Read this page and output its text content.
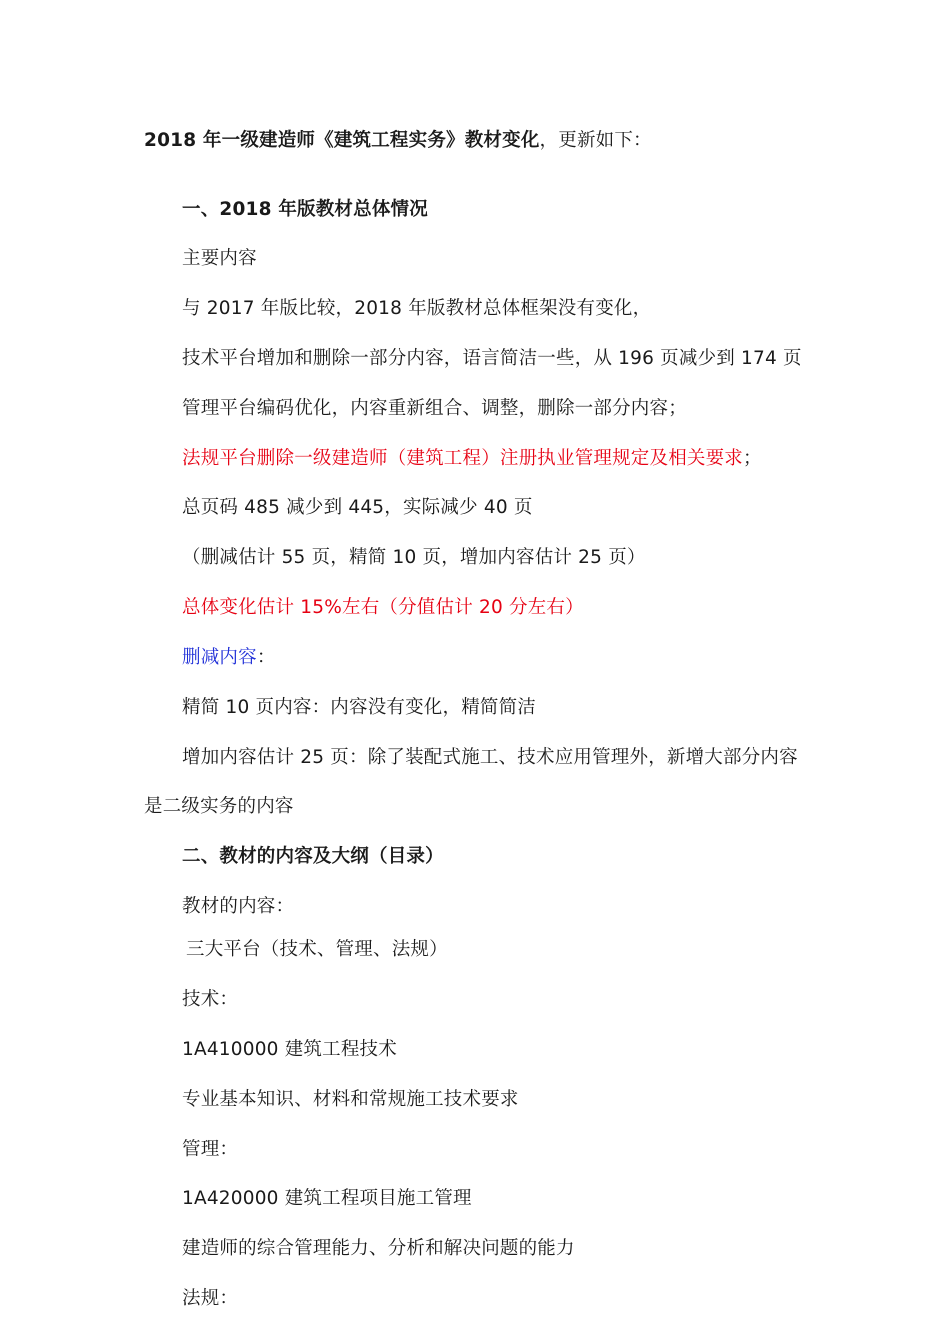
2018 年一级建造师《建筑工程实务》教材变化，更新如下：
一、2018 年版教材总体情况
主要内容
与 2017 年版比较，2018 年版教材总体框架没有变化，
技术平台增加和删除一部分内容，语言简洁一些，从 196 页减少到 174 页
管理平台编码优化，内容重新组合、调整，删除一部分内容；
法规平台删除一级建造师（建筑工程）注册执业管理规定及相关要求；
总页码 485 减少到 445，实际减少 40 页
（删减估计 55 页，精简 10 页，增加内容估计 25 页）
总体变化估计 15%左右（分值估计 20 分左右）
删减内容：
精简 10 页内容：内容没有变化，精简简洁
增加内容估计 25 页：除了装配式施工、技术应用管理外，新增大部分内容
是二级实务的内容
二、教材的内容及大纲（目录）
教材的内容：
三大平台（技术、管理、法规）
技术：
1A410000 建筑工程技术
专业基本知识、材料和常规施工技术要求
管理：
1A420000 建筑工程项目施工管理
建造师的综合管理能力、分析和解决问题的能力
法规：
